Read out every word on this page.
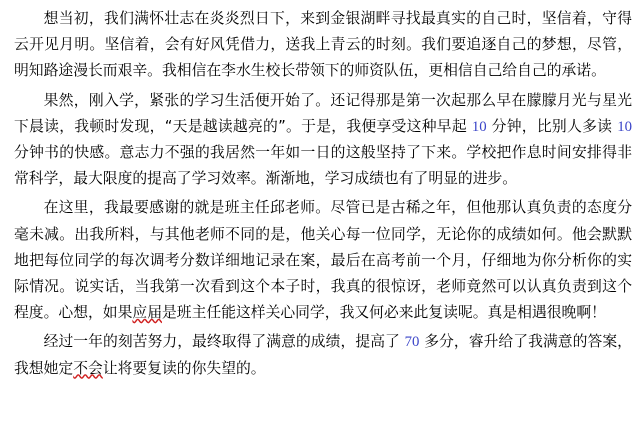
想当初，我们满怀壮志在炎炎烈日下，来到金银湖畔寻找最真实的自己时，坚信着，守得云开见月明。坚信着，会有好风凭借力，送我上青云的时刻。我们要追逐自己的梦想，尽管，明知路途漫长而艰辛。我相信在李水生校长带领下的师资队伍，更相信自己给自己的承诺。

果然，刚入学，紧张的学习生活便开始了。还记得那是第一次起那么早在朦朦月光与星光下晨读，我顿时发现，“天是越读越亮的”。于是，我便享受这种早起 10 分钟，比别人多读 10 分钟书的快感。意志力不强的我居然一年如一日的这般坚持了下来。学校把作息时间安排得非常科学，最大限度的提高了学习效率。渐渐地，学习成绩也有了明显的进步。

在这里，我最要感谢的就是班主任邱老师。尽管已是古稀之年，但他那认真负责的态度分毫未减。出我所料，与其他老师不同的是，他关心每一位同学，无论你的成绩如何。他会默默地把每位同学的每次调考分数详细地记录在案，最后在高考前一个月，仔细地为你分析你的实际情况。说实话，当我第一次看到这个本子时，我真的很惊讶，老师竟然可以认真负责到这个程度。心想，如果应届是班主任能这样关心同学，我又何必来此复读呢。真是相遇很晚啊！

经过一年的刻苦努力，最终取得了满意的成绩，提高了 70 多分，睿升给了我满意的答案，我想她定不会让将要复读的你失望的。
